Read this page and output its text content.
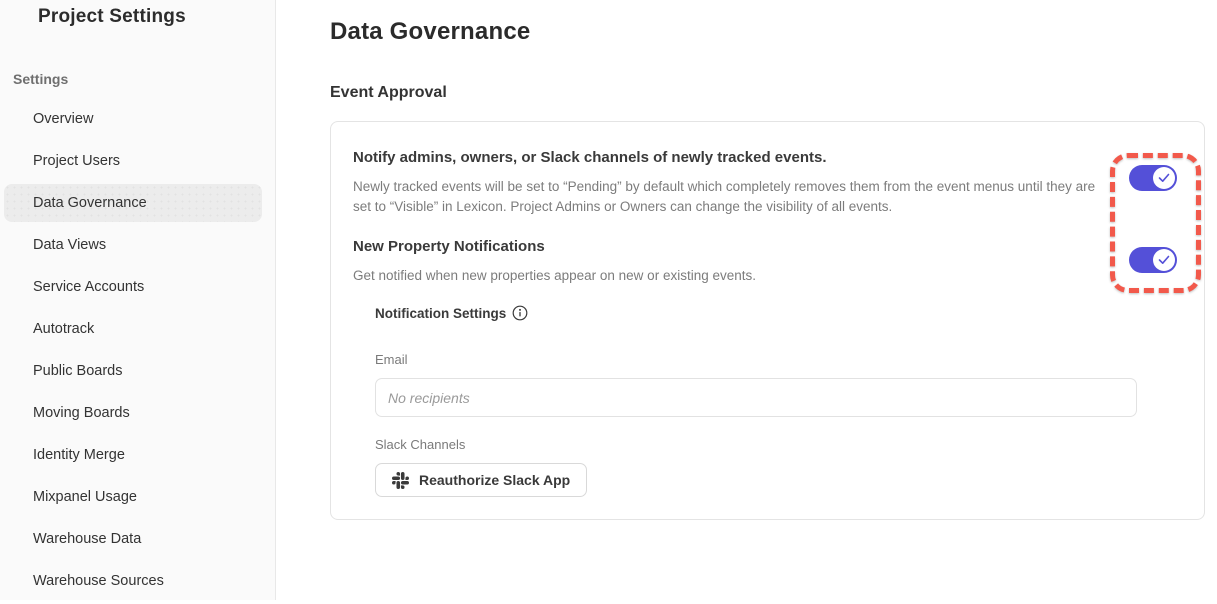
Project Settings
Settings
Overview
Project Users
Data Governance
Data Views
Service Accounts
Autotrack
Public Boards
Moving Boards
Identity Merge
Mixpanel Usage
Warehouse Data
Warehouse Sources
Data Governance
Event Approval
Notify admins, owners, or Slack channels of newly tracked events.
Newly tracked events will be set to “Pending” by default which completely removes them from the event menus until they are set to “Visible” in Lexicon. Project Admins or Owners can change the visibility of all events.
New Property Notifications
Get notified when new properties appear on new or existing events.
Notification Settings
Email
No recipients
Slack Channels
Reauthorize Slack App
